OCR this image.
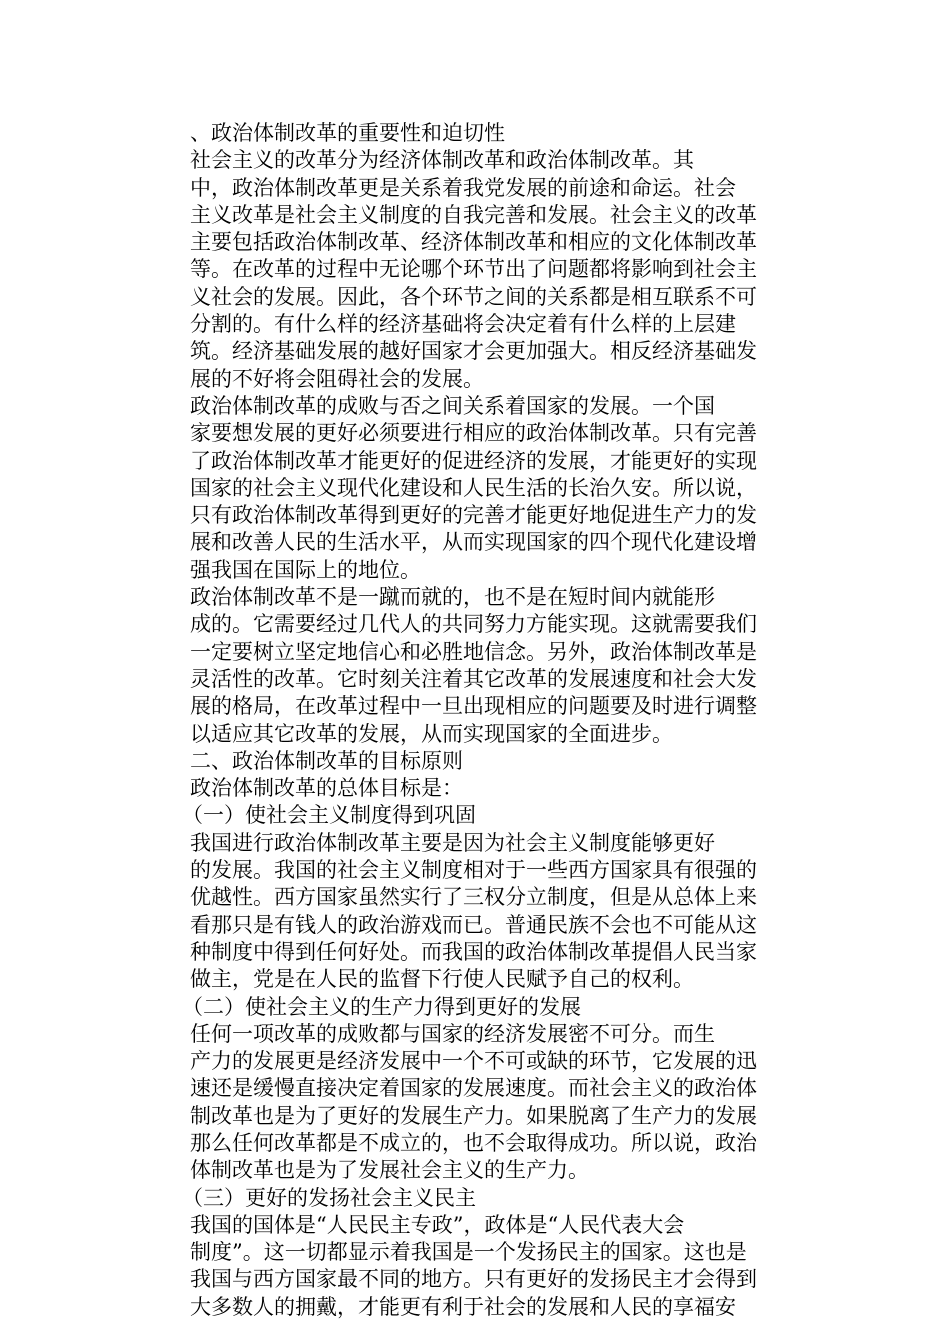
、政治体制改革的重要性和迫切性
社会主义的改革分为经济体制改革和政治体制改革。其
中，政治体制改革更是关系着我党发展的前途和命运。社会
主义改革是社会主义制度的自我完善和发展。社会主义的改革
主要包括政治体制改革、经济体制改革和相应的文化体制改革
等。在改革的过程中无论哪个环节出了问题都将影响到社会主
义社会的发展。因此，各个环节之间的关系都是相互联系不可
分割的。有什么样的经济基础将会决定着有什么样的上层建
筑。经济基础发展的越好国家才会更加强大。相反经济基础发
展的不好将会阻碍社会的发展。
政治体制改革的成败与否之间关系着国家的发展。一个国
家要想发展的更好必须要进行相应的政治体制改革。只有完善
了政治体制改革才能更好的促进经济的发展，才能更好的实现
国家的社会主义现代化建设和人民生活的长治久安。所以说，
只有政治体制改革得到更好的完善才能更好地促进生产力的发
展和改善人民的生活水平，从而实现国家的四个现代化建设增
强我国在国际上的地位。
政治体制改革不是一蹴而就的，也不是在短时间内就能形
成的。它需要经过几代人的共同努力方能实现。这就需要我们
一定要树立坚定地信心和必胜地信念。另外，政治体制改革是
灵活性的改革。它时刻关注着其它改革的发展速度和社会大发
展的格局，在改革过程中一旦出现相应的问题要及时进行调整
以适应其它改革的发展，从而实现国家的全面进步。
二、政治体制改革的目标原则
政治体制改革的总体目标是：
（一）使社会主义制度得到巩固
我国进行政治体制改革主要是因为社会主义制度能够更好
的发展。我国的社会主义制度相对于一些西方国家具有很强的
优越性。西方国家虽然实行了三权分立制度，但是从总体上来
看那只是有钱人的政治游戏而已。普通民族不会也不可能从这
种制度中得到任何好处。而我国的政治体制改革提倡人民当家
做主，党是在人民的监督下行使人民赋予自己的权利。
（二）使社会主义的生产力得到更好的发展
任何一项改革的成败都与国家的经济发展密不可分。而生
产力的发展更是经济发展中一个不可或缺的环节，它发展的迅
速还是缓慢直接决定着国家的发展速度。而社会主义的政治体
制改革也是为了更好的发展生产力。如果脱离了生产力的发展
那么任何改革都是不成立的，也不会取得成功。所以说，政治
体制改革也是为了发展社会主义的生产力。
（三）更好的发扬社会主义民主
我国的国体是“人民民主专政”，政体是“人民代表大会
制度”。这一切都显示着我国是一个发扬民主的国家。这也是
我国与西方国家最不同的地方。只有更好的发扬民主才会得到
大多数人的拥戴，才能更有利于社会的发展和人民的享福安
